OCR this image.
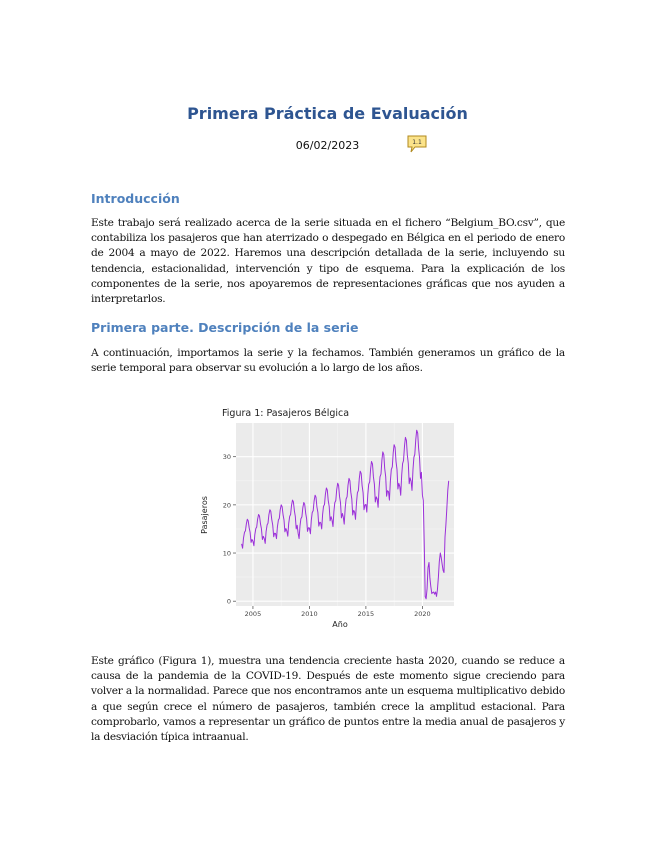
Primera Práctica de Evaluación
06/02/2023	1.1
Introducción
Este trabajo será realizado acerca de la serie situada en el fichero “Belgium_BO.csv”, que contabiliza los pasajeros que han aterrizado o despegado en Bélgica en el periodo de enero de 2004 a mayo de 2022. Haremos una descripción detallada de la serie, incluyendo su tendencia, estacionalidad, intervención y tipo de esquema. Para la explicación de los componentes de la serie, nos apoyaremos de representaciones gráficas que nos ayuden a interpretarlos.
Primera parte. Descripción de la serie
A continuación, importamos la serie y la fechamos. También generamos un gráfico de la serie temporal para observar su evolución a lo largo de los años.
Figura 1: Pasajeros Bélgica
0
10
20
30
2005	2010	2015	2020
Año
Pasajeros
Este gráfico (Figura 1), muestra una tendencia creciente hasta 2020, cuando se reduce a causa de la pandemia de la COVID-19. Después de este momento sigue creciendo para volver a la normalidad. Parece que nos encontramos ante un esquema multiplicativo debido a que según crece el número de pasajeros, también crece la amplitud estacional. Para comprobarlo, vamos a representar un gráfico de puntos entre la media anual de pasajeros y la desviación típica intraanual.
